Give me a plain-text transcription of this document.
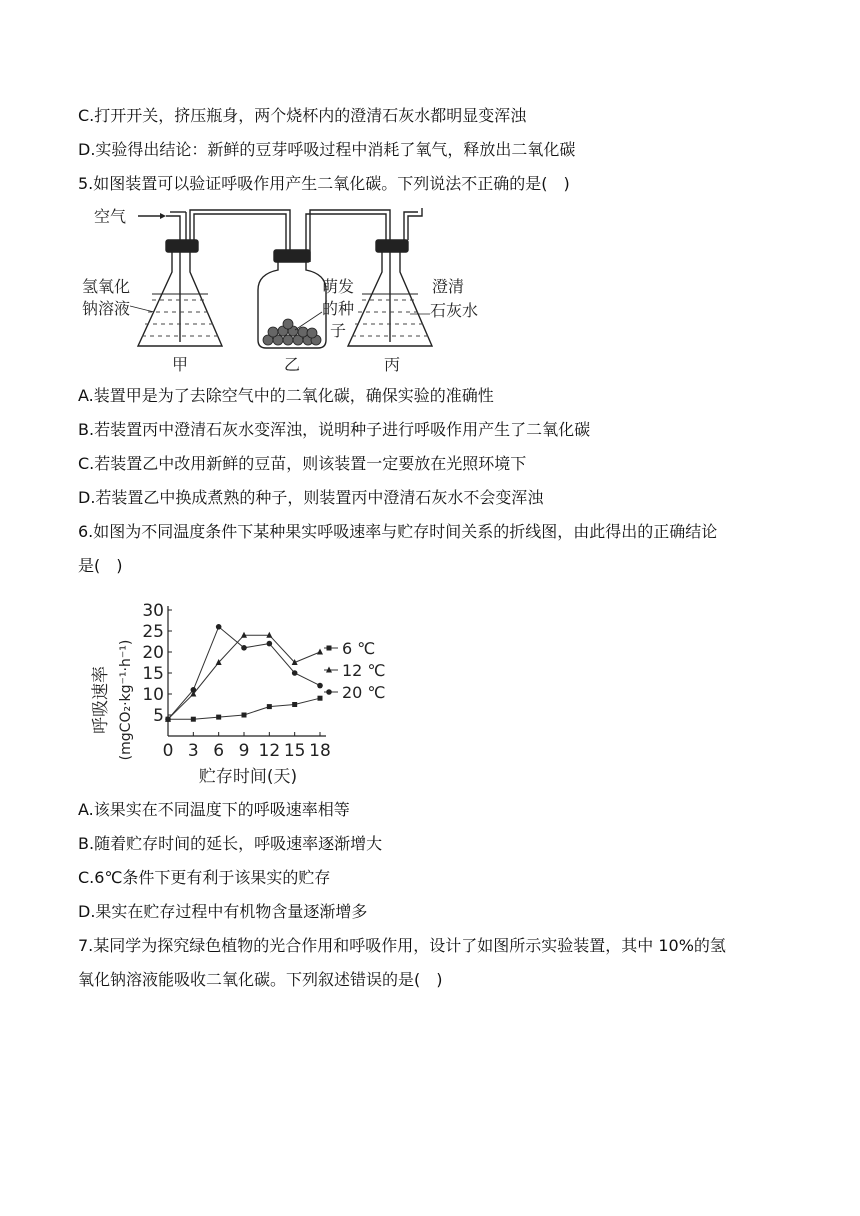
C.打开开关，挤压瓶身，两个烧杯内的澄清石灰水都明显变浑浊
D.实验得出结论：新鲜的豆芽呼吸过程中消耗了氧气，释放出二氧化碳
5.如图装置可以验证呼吸作用产生二氧化碳。下列说法不正确的是(　)
空气
氢氧化
钠溶液
萌发
的种
子
澄清
石灰水
甲	乙	丙
A.装置甲是为了去除空气中的二氧化碳，确保实验的准确性
B.若装置丙中澄清石灰水变浑浊，说明种子进行呼吸作用产生了二氧化碳
C.若装置乙中改用新鲜的豆苗，则该装置一定要放在光照环境下
D.若装置乙中换成煮熟的种子，则装置丙中澄清石灰水不会变浑浊
6.如图为不同温度条件下某种果实呼吸速率与贮存时间关系的折线图，由此得出的正确结论
是(　)
5
10
15
20
25
30
0 3 6 9 12 15 18
6 ℃
12 ℃
20 ℃
呼吸速率 (mgCO₂·kg⁻¹·h⁻¹)
贮存时间(天)
A.该果实在不同温度下的呼吸速率相等
B.随着贮存时间的延长，呼吸速率逐渐增大
C.6℃条件下更有利于该果实的贮存
D.果实在贮存过程中有机物含量逐渐增多
7.某同学为探究绿色植物的光合作用和呼吸作用，设计了如图所示实验装置，其中 10%的氢
氧化钠溶液能吸收二氧化碳。下列叙述错误的是(　)
